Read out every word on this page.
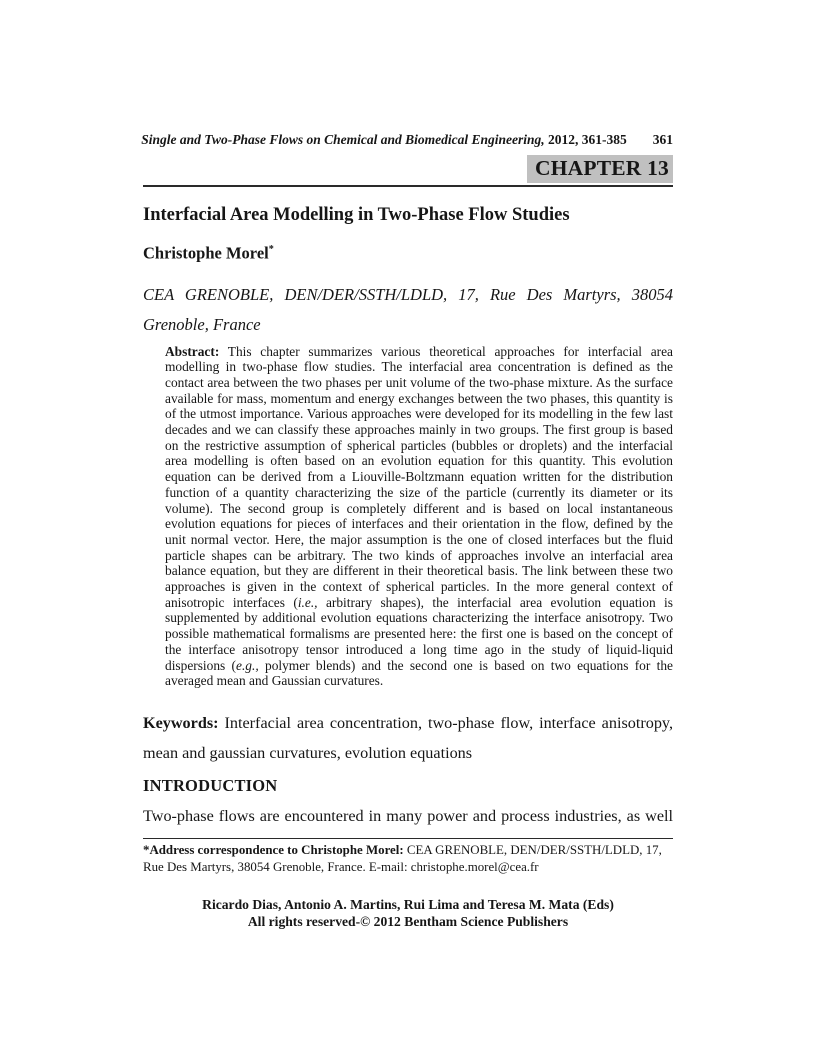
Single and Two-Phase Flows on Chemical and Biomedical Engineering, 2012, 361-385 361
CHAPTER 13
Interfacial Area Modelling in Two-Phase Flow Studies
Christophe Morel*
CEA GRENOBLE, DEN/DER/SSTH/LDLD, 17, Rue Des Martyrs, 38054
Grenoble, France

Abstract: This chapter summarizes various theoretical approaches for interfacial area modelling in two-phase flow studies. The interfacial area concentration is defined as the contact area between the two phases per unit volume of the two-phase mixture. As the surface available for mass, momentum and energy exchanges between the two phases, this quantity is of the utmost importance. Various approaches were developed for its modelling in the few last decades and we can classify these approaches mainly in two groups. The first group is based on the restrictive assumption of spherical particles (bubbles or droplets) and the interfacial area modelling is often based on an evolution equation for this quantity. This evolution equation can be derived from a Liouville-Boltzmann equation written for the distribution function of a quantity characterizing the size of the particle (currently its diameter or its volume). The second group is completely different and is based on local instantaneous evolution equations for pieces of interfaces and their orientation in the flow, defined by the unit normal vector. Here, the major assumption is the one of closed interfaces but the fluid particle shapes can be arbitrary. The two kinds of approaches involve an interfacial area balance equation, but they are different in their theoretical basis. The link between these two approaches is given in the context of spherical particles. In the more general context of anisotropic interfaces (i.e., arbitrary shapes), the interfacial area evolution equation is supplemented by additional evolution equations characterizing the interface anisotropy. Two possible mathematical formalisms are presented here: the first one is based on the concept of the interface anisotropy tensor introduced a long time ago in the study of liquid-liquid dispersions (e.g., polymer blends) and the second one is based on two equations for the averaged mean and Gaussian curvatures.

Keywords: Interfacial area concentration, two-phase flow, interface anisotropy, mean and gaussian curvatures, evolution equations

INTRODUCTION

Two-phase flows are encountered in many power and process industries, as well

*Address correspondence to Christophe Morel: CEA GRENOBLE, DEN/DER/SSTH/LDLD, 17, Rue Des Martyrs, 38054 Grenoble, France. E-mail: christophe.morel@cea.fr

Ricardo Dias, Antonio A. Martins, Rui Lima and Teresa M. Mata (Eds)
All rights reserved-© 2012 Bentham Science Publishers
